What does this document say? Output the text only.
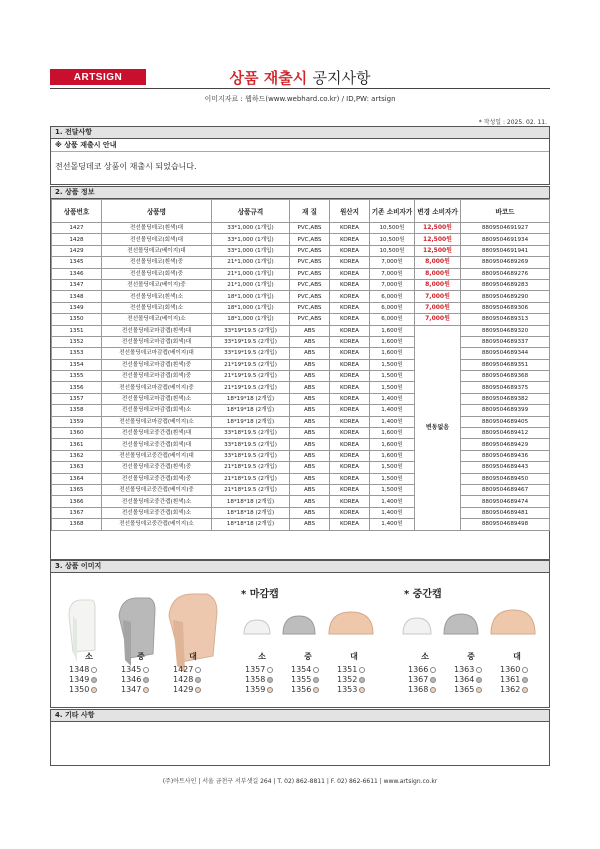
ARTSIGN	상품 재출시 공지사항
이미지자료 : 웹하드(www.webhard.co.kr) / ID,PW: artsign
* 작성일 : 2025. 02. 11.
1. 전달사항
※ 상품 재출시 안내
전선몰딩데코 상품이 재출시 되었습니다.
2. 상품 정보
상품번호	상품명	상품규격	재 질	원산지	기존 소비자가	변경 소비자가	바코드
1427	전선몰딩데코(흰색)대	33*1,000 (1개입)	PVC,ABS	KOREA	10,500원	12,500원	8809504691927
1428	전선몰딩데코(회색)대	33*1,000 (1개입)	PVC,ABS	KOREA	10,500원	12,500원	8809504691934
1429	전선몰딩데코(베이지)대	33*1,000 (1개입)	PVC,ABS	KOREA	10,500원	12,500원	8809504691941
1345	전선몰딩데코(흰색)중	21*1,000 (1개입)	PVC,ABS	KOREA	7,000원	8,000원	8809504689269
1346	전선몰딩데코(회색)중	21*1,000 (1개입)	PVC,ABS	KOREA	7,000원	8,000원	8809504689276
1347	전선몰딩데코(베이지)중	21*1,000 (1개입)	PVC,ABS	KOREA	7,000원	8,000원	8809504689283
1348	전선몰딩데코(흰색)소	18*1,000 (1개입)	PVC,ABS	KOREA	6,000원	7,000원	8809504689290
1349	전선몰딩데코(회색)소	18*1,000 (1개입)	PVC,ABS	KOREA	6,000원	7,000원	8809504689306
1350	전선몰딩데코(베이지)소	18*1,000 (1개입)	PVC,ABS	KOREA	6,000원	7,000원	8809504689313
1351	전선몰딩데코마감캡(흰색)대	33*19*19.5 (2개입)	ABS	KOREA	1,600원	변동없음	8809504689320
1352	전선몰딩데코마감캡(회색)대	33*19*19.5 (2개입)	ABS	KOREA	1,600원		8809504689337
1353	전선몰딩데코마감캡(베이지)대	33*19*19.5 (2개입)	ABS	KOREA	1,600원		8809504689344
1354	전선몰딩데코마감캡(흰색)중	21*19*19.5 (2개입)	ABS	KOREA	1,500원		8809504689351
1355	전선몰딩데코마감캡(회색)중	21*19*19.5 (2개입)	ABS	KOREA	1,500원		8809504689368
1356	전선몰딩데코마감캡(베이지)중	21*19*19.5 (2개입)	ABS	KOREA	1,500원		8809504689375
1357	전선몰딩데코마감캡(흰색)소	18*19*18 (2개입)	ABS	KOREA	1,400원		8809504689382
1358	전선몰딩데코마감캡(회색)소	18*19*18 (2개입)	ABS	KOREA	1,400원		8809504689399
1359	전선몰딩데코마감캡(베이지)소	18*19*18 (2개입)	ABS	KOREA	1,400원		8809504689405
1360	전선몰딩데코중간캡(흰색)대	33*18*19.5 (2개입)	ABS	KOREA	1,600원		8809504689412
1361	전선몰딩데코중간캡(회색)대	33*18*19.5 (2개입)	ABS	KOREA	1,600원		8809504689429
1362	전선몰딩데코중간캡(베이지)대	33*18*19.5 (2개입)	ABS	KOREA	1,600원		8809504689436
1363	전선몰딩데코중간캡(흰색)중	21*18*19.5 (2개입)	ABS	KOREA	1,500원		8809504689443
1364	전선몰딩데코중간캡(회색)중	21*18*19.5 (2개입)	ABS	KOREA	1,500원		8809504689450
1365	전선몰딩데코중간캡(베이지)중	21*18*19.5 (2개입)	ABS	KOREA	1,500원		8809504689467
1366	전선몰딩데코중간캡(흰색)소	18*18*18 (2개입)	ABS	KOREA	1,400원		8809504689474
1367	전선몰딩데코중간캡(회색)소	18*18*18 (2개입)	ABS	KOREA	1,400원		8809504689481
1368	전선몰딩데코중간캡(베이지)소	18*18*18 (2개입)	ABS	KOREA	1,400원		8809504689498
3. 상품 이미지
소	중	대
1348	1345	1427
1349	1346	1428
1350	1347	1429
* 마감캡
소	중	대
1357	1354	1351
1358	1355	1352
1359	1356	1353
* 중간캡
소	중	대
1366	1363	1360
1367	1364	1361
1368	1365	1362
4. 기타 사항
(주)아트사인 | 서울 금천구 서부샛길 264 | T. 02) 862-8811 | F. 02) 862-6611 | www.artsign.co.kr
